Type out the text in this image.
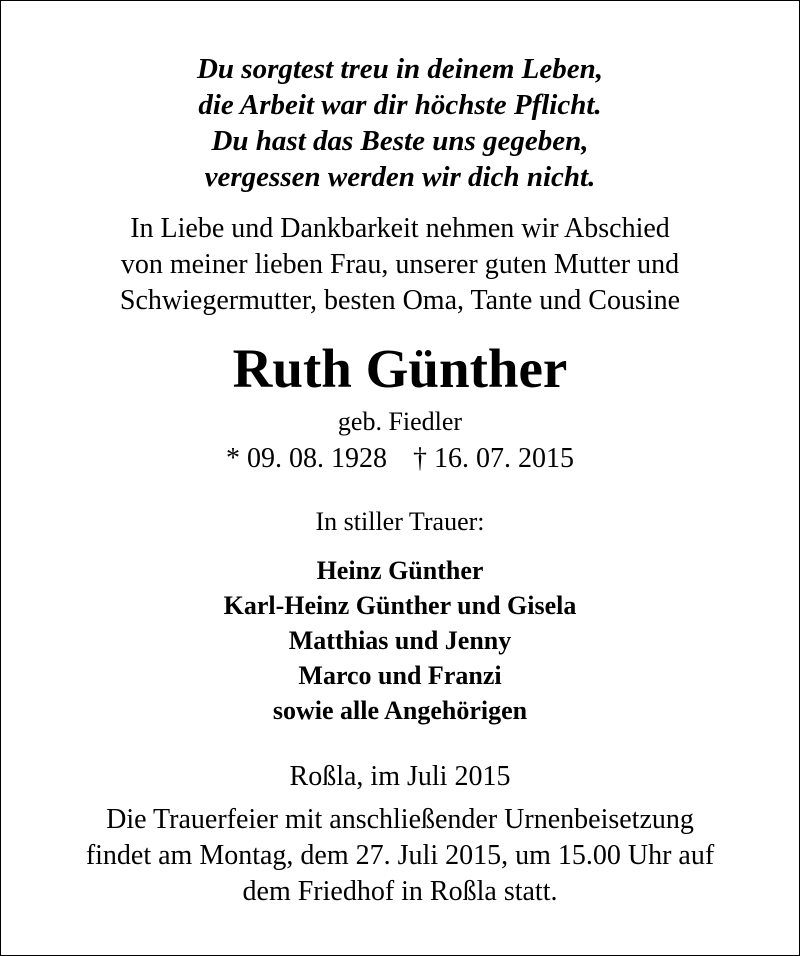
Du sorgtest treu in deinem Leben,
die Arbeit war dir höchste Pflicht.
Du hast das Beste uns gegeben,
vergessen werden wir dich nicht.
In Liebe und Dankbarkeit nehmen wir Abschied
von meiner lieben Frau, unserer guten Mutter und
Schwiegermutter, besten Oma, Tante und Cousine
Ruth Günther
geb. Fiedler
* 09. 08. 1928 † 16. 07. 2015
In stiller Trauer:
Heinz Günther
Karl-Heinz Günther und Gisela
Matthias und Jenny
Marco und Franzi
sowie alle Angehörigen
Roßla, im Juli 2015
Die Trauerfeier mit anschließender Urnenbeisetzung
findet am Montag, dem 27. Juli 2015, um 15.00 Uhr auf
dem Friedhof in Roßla statt.
